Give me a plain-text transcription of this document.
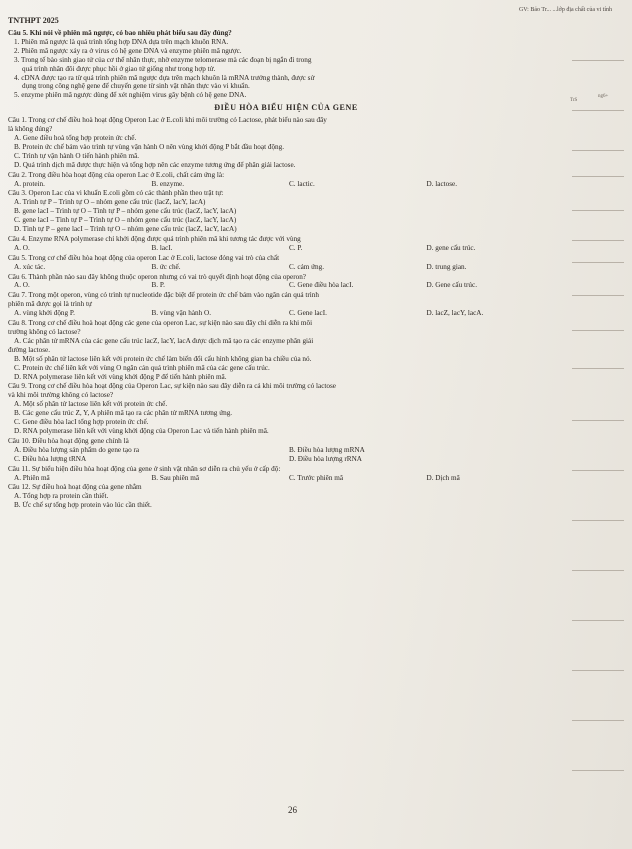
TNTHPT 2025
GV: Bảo Tr... ...lớp địa chất của vi tính
TrS
ng6+
Câu 5. Khi nói về phiên mã ngược, có bao nhiêu phát biểu sau đây đúng?
1. Phiên mã ngược là quá trình tổng hợp DNA dựa trên mạch khuôn RNA.
2. Phiên mã ngược xảy ra ở virus có hệ gene DNA và enzyme phiên mã ngược.
3. Trong tế bào sinh giao tử của cơ thể nhân thực, nhờ enzyme telomerase mà các đoạn bị ngắn đi trong
quá trình nhân đôi được phục hồi ở giao tử giống như trong hợp tử.
4. cDNA được tạo ra từ quá trình phiên mã ngược dựa trên mạch khuôn là mRNA trưởng thành, được sử
dụng trong công nghệ gene để chuyển gene từ sinh vật nhân thực vào vi khuẩn.
5. enzyme phiên mã ngược dùng để xét nghiệm virus gây bệnh có hệ gene DNA.
ĐIỀU HÒA BIỂU HIỆN CỦA GENE
Câu 1. Trong cơ chế điều hoà hoạt động Operon Lac ở E.coli khi môi trường có Lactose, phát biểu nào sau đây
là không đúng?
A. Gene điều hoà tổng hợp protein ức chế.
B. Protein ức chế bám vào trình tự vùng vận hành O nên vùng khởi động P bắt đầu hoạt động.
C. Trình tự vận hành O tiến hành phiên mã.
D. Quá trình dịch mã được thực hiện và tổng hợp nên các enzyme tương ứng để phân giải lactose.
Câu 2. Trong điều hòa hoạt động của operon Lac ở E.coli, chất cảm ứng là:
A. protein.	B. enzyme.	C. lactic.	D. lactose.
Câu 3. Operon Lac của vi khuẩn E.coli gồm có các thành phần theo trật tự:
A. Trình tự P – Trình tự O – nhóm gene cấu trúc (lacZ, lacY, lacA)
B. gene lacI – Trình tự O – Tình tự P – nhóm gene cấu trúc (lacZ, lacY, lacA)
C. gene lacI – Tình tự P – Trình tự O – nhóm gene cấu trúc (lacZ, lacY, lacA)
D. Tình tự P – gene lacI – Trình tự O – nhóm gene cấu trúc (lacZ, lacY, lacA)
Câu 4. Enzyme RNA polymerase chỉ khởi động được quá trình phiên mã khi tương tác được với vùng
A. O.	B. lacI.	C. P.	D. gene cấu trúc.
Câu 5. Trong cơ chế điều hòa hoạt động của operon Lac ở E.coli, lactose đóng vai trò của chất
A. xúc tác.	B. ức chế.	C. cảm ứng.	D. trung gian.
Câu 6. Thành phần nào sau đây không thuộc operon nhưng có vai trò quyết định hoạt động của operon?
A. O.	B. P.	C. Gene điều hòa lacI.	D. Gene cấu trúc.
Câu 7. Trong một operon, vùng có trình tự nucleotide đặc biệt để protein ức chế bám vào ngăn cản quá trình
phiên mã được gọi là trình tự
A. vùng khởi động P.	B. vùng vận hành O.	C. Gene lacI.	D. lacZ, lacY, lacA.
Câu 8. Trong cơ chế điều hoà hoạt động các gene của operon Lac, sự kiện nào sau đây chỉ diễn ra khi môi
trường không có lactose?
A. Các phân tử mRNA của các gene cấu trúc lacZ, lacY, lacA được dịch mã tạo ra các enzyme phân giải
đường lactose.
B. Một số phân tử lactose liên kết với protein ức chế làm biến đổi cấu hình không gian ba chiều của nó.
C. Protein ức chế liên kết với vùng O ngăn cản quá trình phiên mã của các gene cấu trúc.
D. RNA polymerase liên kết với vùng khởi động P để tiến hành phiên mã.
Câu 9. Trong cơ chế điều hòa hoạt động của Operon Lac, sự kiện nào sau đây diễn ra cả khi môi trường có lactose
và khi môi trường không có lactose?
A. Một số phân tử lactose liên kết với protein ức chế.
B. Các gene cấu trúc Z, Y, A phiên mã tạo ra các phân tử mRNA tương ứng.
C. Gene điều hòa lacI tổng hợp protein ức chế.
D. RNA polymerase liên kết với vùng khởi động của Operon Lac và tiến hành phiên mã.
Câu 10. Điều hòa hoạt động gene chính là
A. Điều hòa lượng sản phẩm do gene tạo ra	B. Điều hòa lượng mRNA
C. Điều hòa lượng tRNA	D. Điều hòa lượng rRNA
Câu 11. Sự biểu hiện điều hòa hoạt động của gene ở sinh vật nhân sơ diễn ra chủ yếu ở cấp độ:
A. Phiên mã	B. Sau phiên mã	C. Trước phiên mã	D. Dịch mã
Câu 12. Sự điều hoà hoạt động của gene nhằm
A. Tổng hợp ra protein cần thiết.
B. Ức chế sự tổng hợp protein vào lúc cần thiết.
26
